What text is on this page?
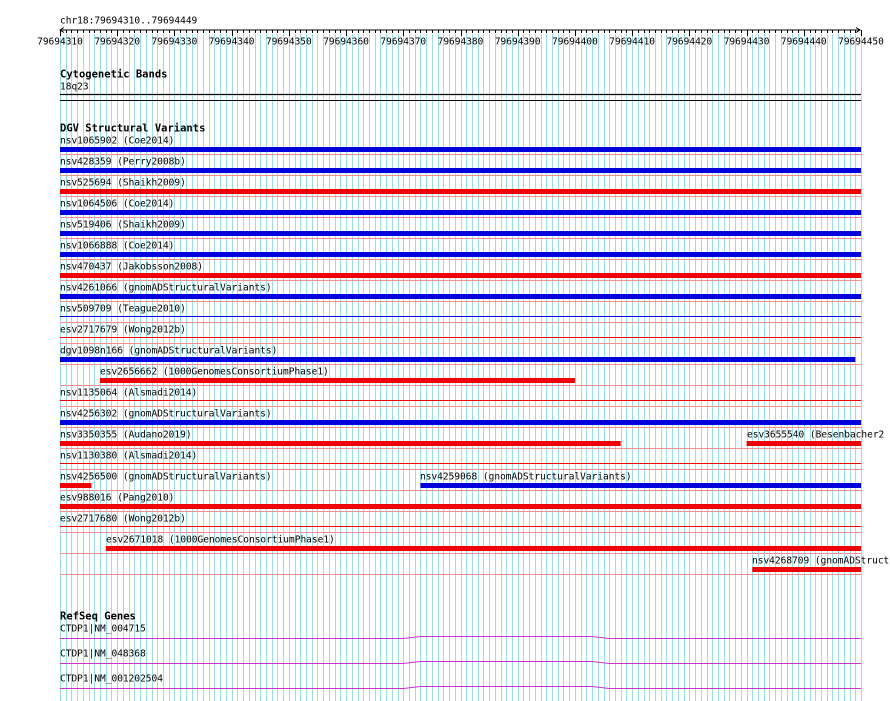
chr18:79694310..79694449
79694310 79694320 79694330 79694340 79694350 79694360 79694370 79694380 79694390 79694400 79694410 79694420 79694430 79694440 79694450
Cytogenetic Bands
18q23
DGV Structural Variants
nsv1065902 (Coe2014)
nsv428359 (Perry2008b)
nsv525694 (Shaikh2009)
nsv1064506 (Coe2014)
nsv519406 (Shaikh2009)
nsv1066888 (Coe2014)
nsv470437 (Jakobsson2008)
nsv4261066 (gnomADStructuralVariants)
nsv509709 (Teague2010)
esv2717679 (Wong2012b)
dgv1098n166 (gnomADStructuralVariants)
esv2656662 (1000GenomesConsortiumPhase1)
nsv1135064 (Alsmadi2014)
nsv4256302 (gnomADStructuralVariants)
nsv3350355 (Audano2019)	esv3655540 (Besenbacher2
nsv1130380 (Alsmadi2014)
nsv4256500 (gnomADStructuralVariants)	nsv4259068 (gnomADStructuralVariants)
esv988016 (Pang2010)
esv2717680 (Wong2012b)
esv2671018 (1000GenomesConsortiumPhase1)
nsv4268709 (gnomADStruct
RefSeq Genes
CTDP1|NM_004715
CTDP1|NM_048368
CTDP1|NM_001202504
